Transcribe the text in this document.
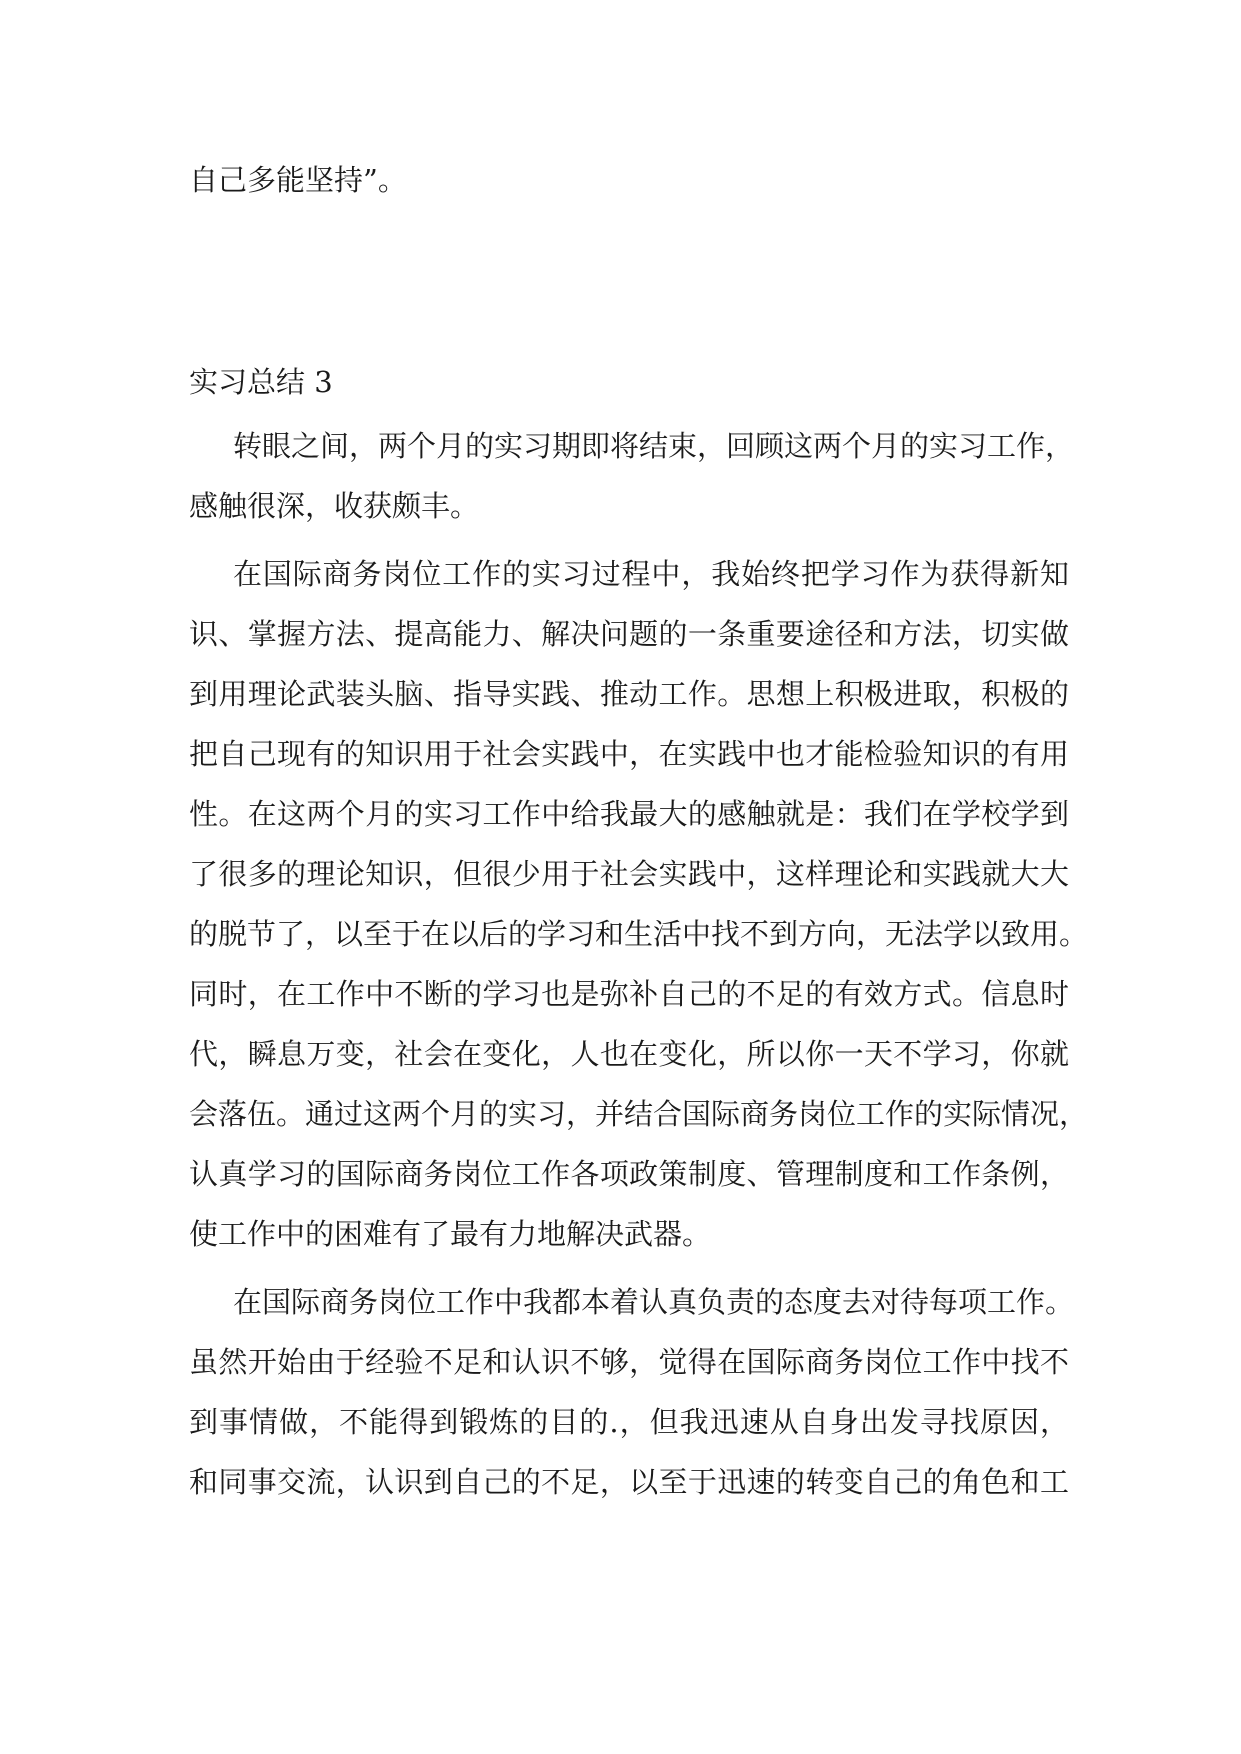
自己多能坚持”。
实习总结 3
转眼之间，两个月的实习期即将结束，回顾这两个月的实习工作，
感触很深，收获颇丰。
在国际商务岗位工作的实习过程中，我始终把学习作为获得新知
识、掌握方法、提高能力、解决问题的一条重要途径和方法，切实做
到用理论武装头脑、指导实践、推动工作。思想上积极进取，积极的
把自己现有的知识用于社会实践中，在实践中也才能检验知识的有用
性。在这两个月的实习工作中给我最大的感触就是：我们在学校学到
了很多的理论知识，但很少用于社会实践中，这样理论和实践就大大
的脱节了，以至于在以后的学习和生活中找不到方向，无法学以致用。
同时，在工作中不断的学习也是弥补自己的不足的有效方式。信息时
代，瞬息万变，社会在变化，人也在变化，所以你一天不学习，你就
会落伍。通过这两个月的实习，并结合国际商务岗位工作的实际情况，
认真学习的国际商务岗位工作各项政策制度、管理制度和工作条例，
使工作中的困难有了最有力地解决武器。
在国际商务岗位工作中我都本着认真负责的态度去对待每项工作。
虽然开始由于经验不足和认识不够，觉得在国际商务岗位工作中找不
到事情做，不能得到锻炼的目的.，但我迅速从自身出发寻找原因，
和同事交流，认识到自己的不足，以至于迅速的转变自己的角色和工
